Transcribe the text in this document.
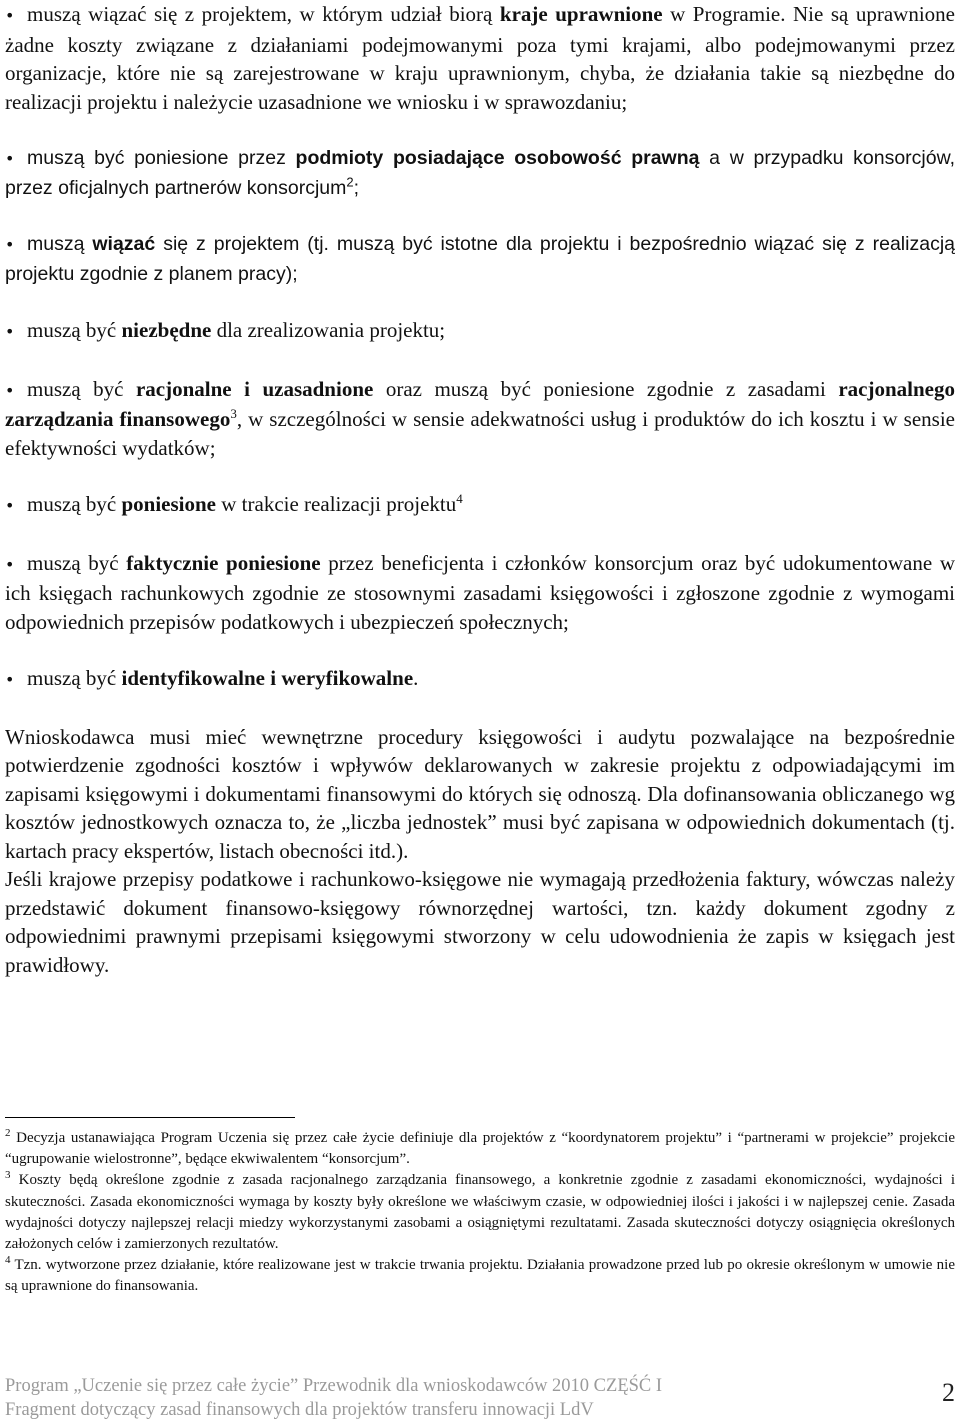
• muszą wiązać się z projektem, w którym udział biorą kraje uprawnione w Programie. Nie są uprawnione żadne koszty związane z działaniami podejmowanymi poza tymi krajami, albo podejmowanymi przez organizacje, które nie są zarejestrowane w kraju uprawnionym, chyba, że działania takie są niezbędne do realizacji projektu i należycie uzasadnione we wniosku i w sprawozdaniu;
• muszą być poniesione przez podmioty posiadające osobowość prawną a w przypadku konsorcjów, przez oficjalnych partnerów konsorcjum$^2$;
• muszą wiązać się z projektem (tj. muszą być istotne dla projektu i bezpośrednio wiązać się z realizacją projektu zgodnie z planem pracy);
• muszą być niezbędne dla zrealizowania projektu;
• muszą być racjonalne i uzasadnione oraz muszą być poniesione zgodnie z zasadami racjonalnego zarządzania finansowego$^3$, w szczególności w sensie adekwatności usług i produktów do ich kosztu i w sensie efektywności wydatków;
• muszą być poniesione w trakcie realizacji projektu$^4$
• muszą być faktycznie poniesione przez beneficjenta i członków konsorcjum oraz być udokumentowane w ich księgach rachunkowych zgodnie ze stosownymi zasadami księgowości i zgłoszone zgodnie z wymogami odpowiednich przepisów podatkowych i ubezpieczeń społecznych;
• muszą być identyfikowalne i weryfikowalne.

Wnioskodawca musi mieć wewnętrzne procedury księgowości i audytu pozwalające na bezpośrednie potwierdzenie zgodności kosztów i wpływów deklarowanych w zakresie projektu z odpowiadającymi im zapisami księgowymi i dokumentami finansowymi do których się odnoszą. Dla dofinansowania obliczanego wg kosztów jednostkowych oznacza to, że „liczba jednostek” musi być zapisana w odpowiednich dokumentach (tj. kartach pracy ekspertów, listach obecności itd.).

Jeśli krajowe przepisy podatkowe i rachunkowo-księgowe nie wymagają przedłożenia faktury, wówczas należy przedstawić dokument finansowo-księgowy równorzędnej wartości, tzn. każdy dokument zgodny z odpowiednimi prawnymi przepisami księgowymi stworzony w celu udowodnienia że zapis w księgach jest prawidłowy.

$^2$ Decyzja ustanawiająca Program Uczenia się przez całe życie definiuje dla projektów z “koordynatorem projektu” i “partnerami w projekcie” projekcie “ugrupowanie wielostronne”, będące ekwiwalentem “konsorcjum”.

$^3$ Koszty będą określone zgodnie z zasada racjonalnego zarządzania finansowego, a konkretnie zgodnie z zasadami ekonomiczności, wydajności i skuteczności. Zasada ekonomiczności wymaga by koszty były określone we właściwym czasie, w odpowiedniej ilości i jakości i w najlepszej cenie. Zasada wydajności dotyczy najlepszej relacji miedzy wykorzystanymi zasobami a osiągniętymi rezultatami. Zasada skuteczności dotyczy osiągnięcia określonych założonych celów i zamierzonych rezultatów.

$^4$ Tzn. wytworzone przez działanie, które realizowane jest w trakcie trwania projektu. Działania prowadzone przed lub po okresie określonym w umowie nie są uprawnione do finansowania.

Program „Uczenie się przez całe życie” Przewodnik dla wnioskodawców 2010 CZĘŚĆ I
Fragment dotyczący zasad finansowych dla projektów transferu innowacji LdV
2
